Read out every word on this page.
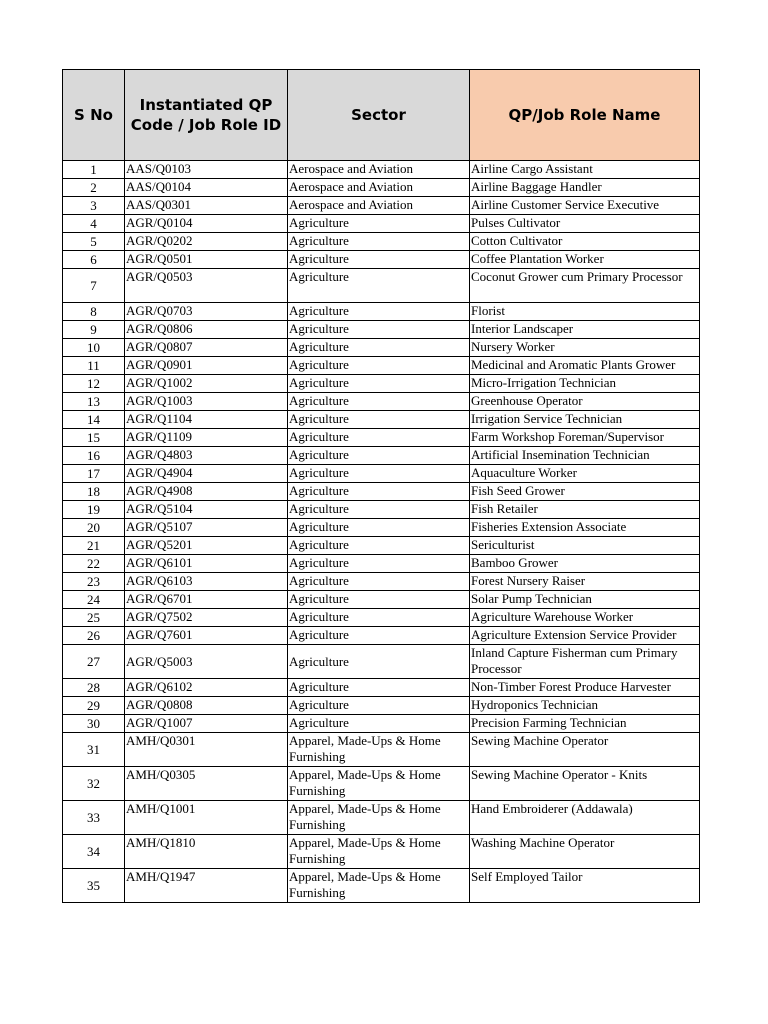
S No	Instantiated QP Code / Job Role ID	Sector	QP/Job Role Name
1	AAS/Q0103	Aerospace and Aviation	Airline Cargo Assistant
2	AAS/Q0104	Aerospace and Aviation	Airline Baggage Handler
3	AAS/Q0301	Aerospace and Aviation	Airline Customer Service Executive
4	AGR/Q0104	Agriculture	Pulses Cultivator
5	AGR/Q0202	Agriculture	Cotton Cultivator
6	AGR/Q0501	Agriculture	Coffee Plantation Worker
7	AGR/Q0503	Agriculture	Coconut Grower cum Primary Processor
8	AGR/Q0703	Agriculture	Florist
9	AGR/Q0806	Agriculture	Interior Landscaper
10	AGR/Q0807	Agriculture	Nursery Worker
11	AGR/Q0901	Agriculture	Medicinal and Aromatic Plants Grower
12	AGR/Q1002	Agriculture	Micro-Irrigation Technician
13	AGR/Q1003	Agriculture	Greenhouse Operator
14	AGR/Q1104	Agriculture	Irrigation Service Technician
15	AGR/Q1109	Agriculture	Farm Workshop Foreman/Supervisor
16	AGR/Q4803	Agriculture	Artificial Insemination Technician
17	AGR/Q4904	Agriculture	Aquaculture Worker
18	AGR/Q4908	Agriculture	Fish Seed Grower
19	AGR/Q5104	Agriculture	Fish Retailer
20	AGR/Q5107	Agriculture	Fisheries Extension Associate
21	AGR/Q5201	Agriculture	Sericulturist
22	AGR/Q6101	Agriculture	Bamboo Grower
23	AGR/Q6103	Agriculture	Forest Nursery Raiser
24	AGR/Q6701	Agriculture	Solar Pump Technician
25	AGR/Q7502	Agriculture	Agriculture Warehouse Worker
26	AGR/Q7601	Agriculture	Agriculture Extension Service Provider
27	AGR/Q5003	Agriculture	Inland Capture Fisherman cum Primary Processor
28	AGR/Q6102	Agriculture	Non-Timber Forest Produce Harvester
29	AGR/Q0808	Agriculture	Hydroponics Technician
30	AGR/Q1007	Agriculture	Precision Farming Technician
31	AMH/Q0301	Apparel, Made-Ups & Home Furnishing	Sewing Machine Operator
32	AMH/Q0305	Apparel, Made-Ups & Home Furnishing	Sewing Machine Operator - Knits
33	AMH/Q1001	Apparel, Made-Ups & Home Furnishing	Hand Embroiderer (Addawala)
34	AMH/Q1810	Apparel, Made-Ups & Home Furnishing	Washing Machine Operator
35	AMH/Q1947	Apparel, Made-Ups & Home Furnishing	Self Employed Tailor
